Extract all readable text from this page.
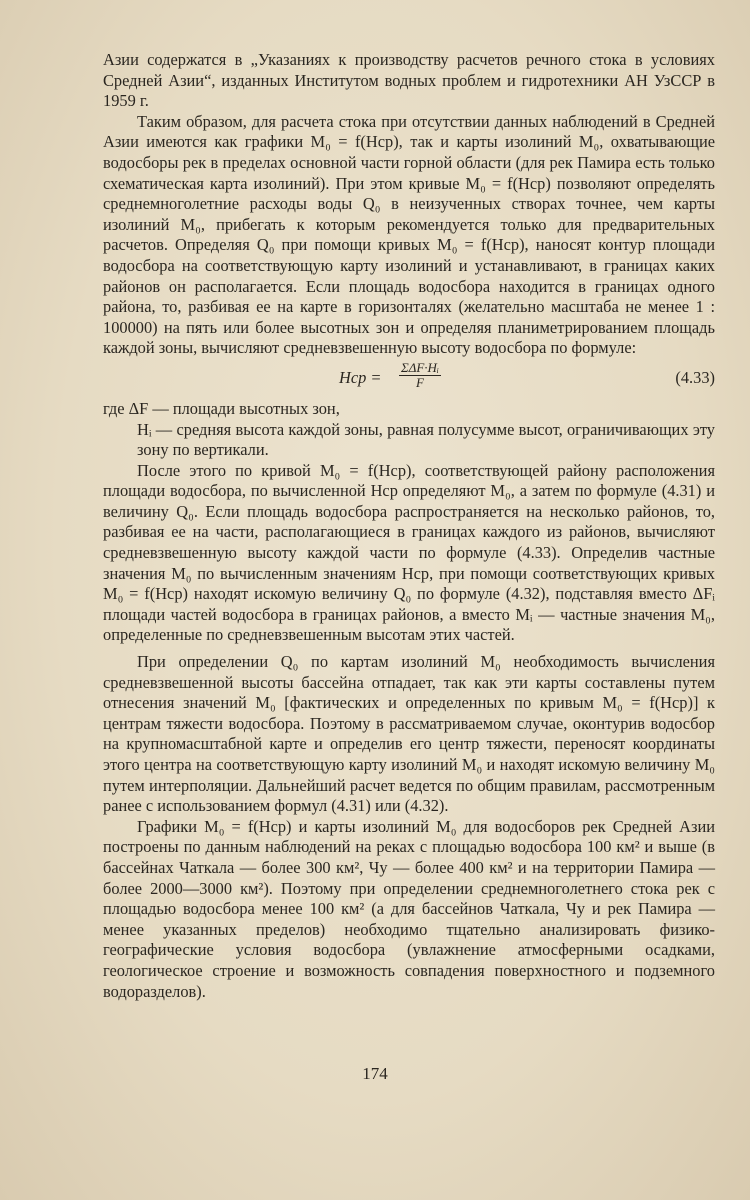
Азии содержатся в „Указаниях к производству расчетов речного стока в условиях Средней Азии“, изданных Институтом водных проблем и гидротехники АН УзССР в 1959 г.

Таким образом, для расчета стока при отсутствии данных наблюдений в Средней Азии имеются как графики M₀ = f(Hср), так и карты изолиний M₀, охватывающие водосборы рек в пределах основной части горной области (для рек Памира есть только схематическая карта изолиний). При этом кривые M₀ = f(Hср) позволяют определять среднемноголетние расходы воды Q₀ в неизученных створах точнее, чем карты изолиний M₀, прибегать к которым рекомендуется только для предварительных расчетов. Определяя Q₀ при помощи кривых M₀ = f(Hср), наносят контур площади водосбора на соответствующую карту изолиний и устанавливают, в границах каких районов он располагается. Если площадь водосбора находится в границах одного района, то, разбивая ее на карте в горизонталях (желательно масштаба не менее 1 : 100000) на пять или более высотных зон и определяя планиметрированием площадь каждой зоны, вычисляют средневзвешенную высоту водосбора по формуле:

Hср =
ΣΔF·Hᵢ
F	(4.33)

где ΔF — площади высотных зон,

Hᵢ — средняя высота каждой зоны, равная полусумме высот, ограничивающих эту зону по вертикали.

После этого по кривой M₀ = f(Hср), соответствующей району расположения площади водосбора, по вычисленной Hср определяют M₀, а затем по формуле (4.31) и величину Q₀. Если площадь водосбора распространяется на несколько районов, то, разбивая ее на части, располагающиеся в границах каждого из районов, вычисляют средневзвешенную высоту каждой части по формуле (4.33). Определив частные значения M₀ по вычисленным значениям Hср, при помощи соответствующих кривых M₀ = f(Hср) находят искомую величину Q₀ по формуле (4.32), подставляя вместо ΔFᵢ площади частей водосбора в границах районов, а вместо Mᵢ — частные значения M₀, определенные по средневзвешенным высотам этих частей.

При определении Q₀ по картам изолиний M₀ необходимость вычисления средневзвешенной высоты бассейна отпадает, так как эти карты составлены путем отнесения значений M₀ [фактических и определенных по кривым M₀ = f(Hср)] к центрам тяжести водосбора. Поэтому в рассматриваемом случае, оконтурив водосбор на крупномасштабной карте и определив его центр тяжести, переносят координаты этого центра на соответствующую карту изолиний M₀ и находят искомую величину M₀ путем интерполяции. Дальнейший расчет ведется по общим правилам, рассмотренным ранее с использованием формул (4.31) или (4.32).

Графики M₀ = f(Hср) и карты изолиний M₀ для водосборов рек Средней Азии построены по данным наблюдений на реках с площадью водосбора 100 км² и выше (в бассейнах Чаткала — более 300 км², Чу — более 400 км² и на территории Памира — более 2000—3000 км²). Поэтому при определении среднемноголетнего стока рек с площадью водосбора менее 100 км² (а для бассейнов Чаткала, Чу и рек Памира — менее указанных пределов) необходимо тщательно анализировать физико-географические условия водосбора (увлажнение атмосферными осадками, геологическое строение и возможность совпадения поверхностного и подземного водоразделов).

174
